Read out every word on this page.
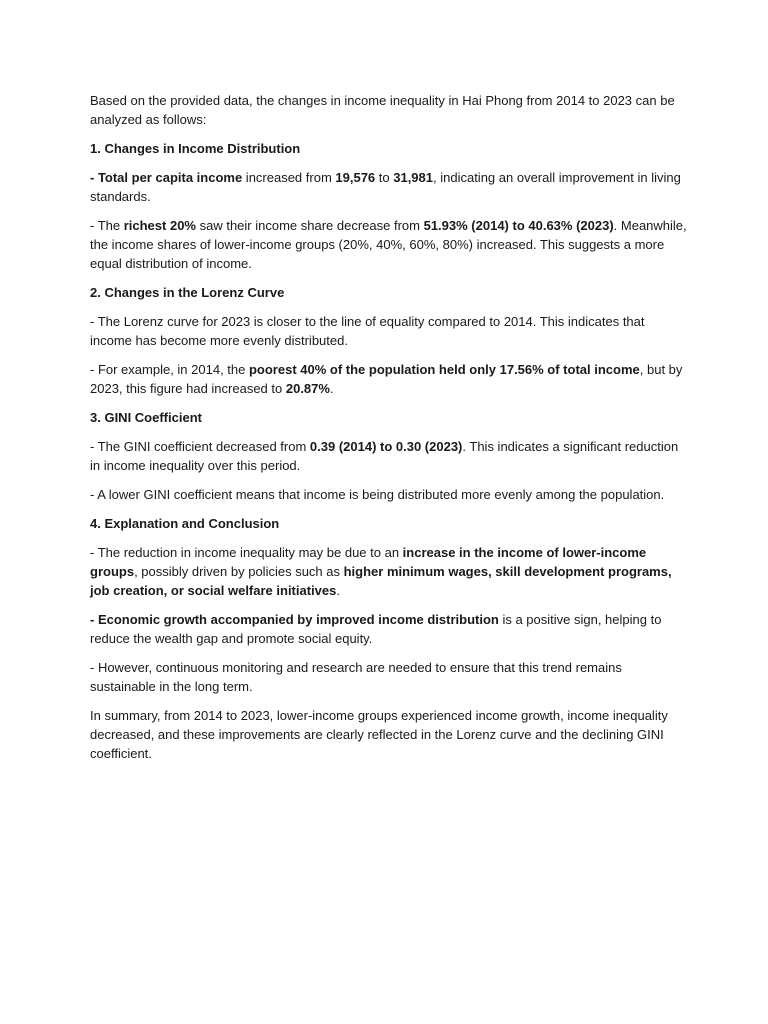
Based on the provided data, the changes in income inequality in Hai Phong from 2014 to 2023 can be analyzed as follows:

1. Changes in Income Distribution

- Total per capita income increased from 19,576 to 31,981, indicating an overall improvement in living standards.

- The richest 20% saw their income share decrease from 51.93% (2014) to 40.63% (2023). Meanwhile, the income shares of lower-income groups (20%, 40%, 60%, 80%) increased. This suggests a more equal distribution of income.

2. Changes in the Lorenz Curve

- The Lorenz curve for 2023 is closer to the line of equality compared to 2014. This indicates that income has become more evenly distributed.

- For example, in 2014, the poorest 40% of the population held only 17.56% of total income, but by 2023, this figure had increased to 20.87%.

3. GINI Coefficient

- The GINI coefficient decreased from 0.39 (2014) to 0.30 (2023). This indicates a significant reduction in income inequality over this period.

- A lower GINI coefficient means that income is being distributed more evenly among the population.

4. Explanation and Conclusion

- The reduction in income inequality may be due to an increase in the income of lower-income groups, possibly driven by policies such as higher minimum wages, skill development programs, job creation, or social welfare initiatives.

- Economic growth accompanied by improved income distribution is a positive sign, helping to reduce the wealth gap and promote social equity.

- However, continuous monitoring and research are needed to ensure that this trend remains sustainable in the long term.

In summary, from 2014 to 2023, lower-income groups experienced income growth, income inequality decreased, and these improvements are clearly reflected in the Lorenz curve and the declining GINI coefficient.
